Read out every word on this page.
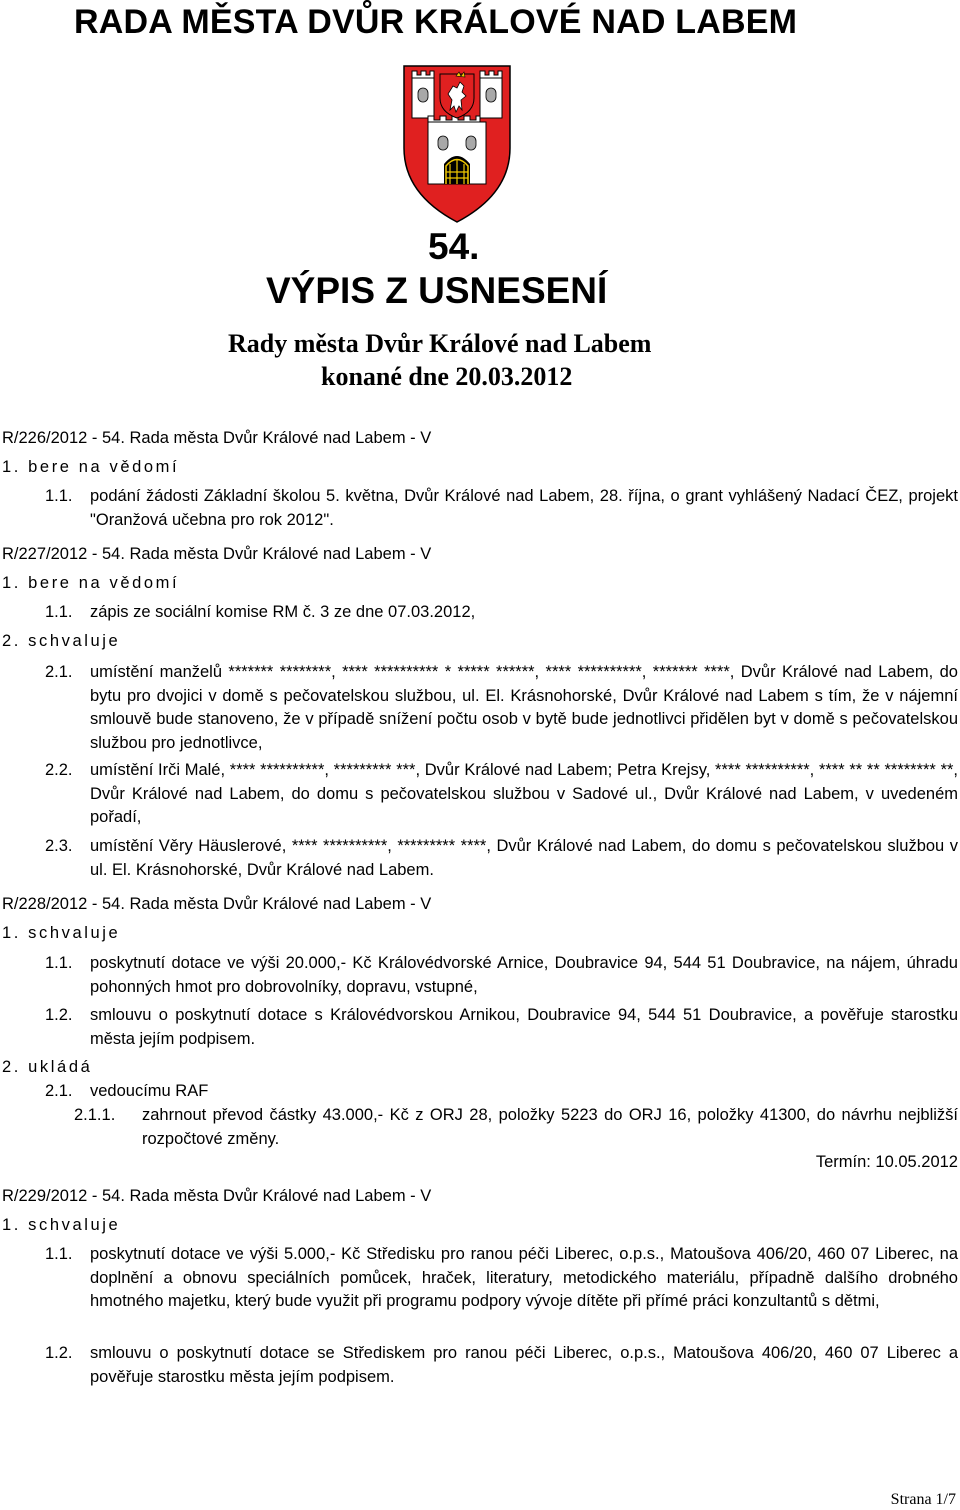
RADA MĚSTA DVŮR KRÁLOVÉ NAD LABEM
54.
VÝPIS Z USNESENÍ
Rady města Dvůr Králové nad Labem
konané dne 20.03.2012
R/226/2012 - 54. Rada města Dvůr Králové nad Labem - V
1. bere na vědomí
1.1. podání žádosti Základní školou 5. května, Dvůr Králové nad Labem, 28. října, o grant vyhlášený Nadací ČEZ, projekt "Oranžová učebna pro rok 2012".
R/227/2012 - 54. Rada města Dvůr Králové nad Labem - V
1. bere na vědomí
1.1. zápis ze sociální komise RM č. 3 ze dne 07.03.2012,
2. schvaluje
2.1. umístění manželů ******* ********, **** ********** * ***** ******, **** **********, ******* ****, Dvůr Králové nad Labem, do bytu pro dvojici v domě s pečovatelskou službou, ul. El. Krásnohorské, Dvůr Králové nad Labem s tím, že v nájemní smlouvě bude stanoveno, že v případě snížení počtu osob v bytě bude jednotlivci přidělen byt v domě s pečovatelskou službou pro jednotlivce,
2.2. umístění Irči Malé, **** **********, ********* ***, Dvůr Králové nad Labem; Petra Krejsy, **** **********, **** ** ** ******** **, Dvůr Králové nad Labem, do domu s pečovatelskou službou v Sadové ul., Dvůr Králové nad Labem, v uvedeném pořadí,
2.3. umístění Věry Häuslerové, **** **********, ********* ****, Dvůr Králové nad Labem, do domu s pečovatelskou službou v ul. El. Krásnohorské, Dvůr Králové nad Labem.
R/228/2012 - 54. Rada města Dvůr Králové nad Labem - V
1. schvaluje
1.1. poskytnutí dotace ve výši 20.000,- Kč Královédvorské Arnice, Doubravice 94, 544 51 Doubravice, na nájem, úhradu pohonných hmot pro dobrovolníky, dopravu, vstupné,
1.2. smlouvu o poskytnutí dotace s Královédvorskou Arnikou, Doubravice 94, 544 51 Doubravice, a pověřuje starostku města jejím podpisem.
2. ukládá
2.1. vedoucímu RAF
2.1.1. zahrnout převod částky 43.000,- Kč z ORJ 28, položky 5223 do ORJ 16, položky 41300, do návrhu nejbližší rozpočtové změny.
Termín: 10.05.2012
R/229/2012 - 54. Rada města Dvůr Králové nad Labem - V
1. schvaluje
1.1. poskytnutí dotace ve výši 5.000,- Kč Středisku pro ranou péči Liberec, o.p.s., Matoušova 406/20, 460 07 Liberec, na doplnění a obnovu speciálních pomůcek, hraček, literatury, metodického materiálu, případně dalšího drobného hmotného majetku, který bude využit při programu podpory vývoje dítěte při přímé práci konzultantů s dětmi,
1.2. smlouvu o poskytnutí dotace se Střediskem pro ranou péči Liberec, o.p.s., Matoušova 406/20, 460 07 Liberec a pověřuje starostku města jejím podpisem.
Strana 1/7
